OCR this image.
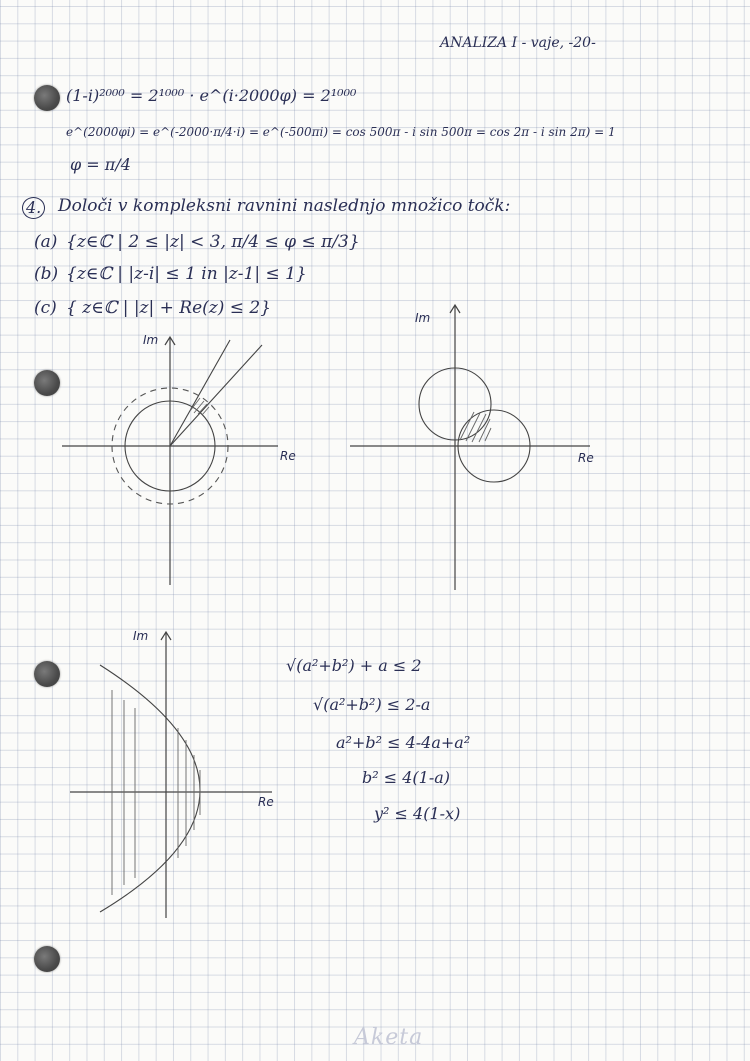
ANALIZA I - vaje, -20-
(1-i)²⁰⁰⁰ = 2¹⁰⁰⁰ · e^(i·2000φ) = 2¹⁰⁰⁰
e^(2000φi) = e^(-2000·π/4·i) = e^(-500πi) = cos 500π - i sin 500π = cos 2π - i sin 2π) = 1
φ = π/4
4. Določi v kompleksni ravnini naslednjo množico točk:
(a) {z∈ℂ | 2 ≤ |z| < 3, π/4 ≤ φ ≤ π/3}
(b) {z∈ℂ | |z-i| ≤ 1 in |z-1| ≤ 1}
(c) { z∈ℂ | |z| + Re(z) ≤ 2}
Im
Re
Im
Re
Im
Re
√(a²+b²) + a ≤ 2
√(a²+b²) ≤ 2-a
a²+b² ≤ 4-4a+a²
b² ≤ 4(1-a)
y² ≤ 4(1-x)
Aketa
